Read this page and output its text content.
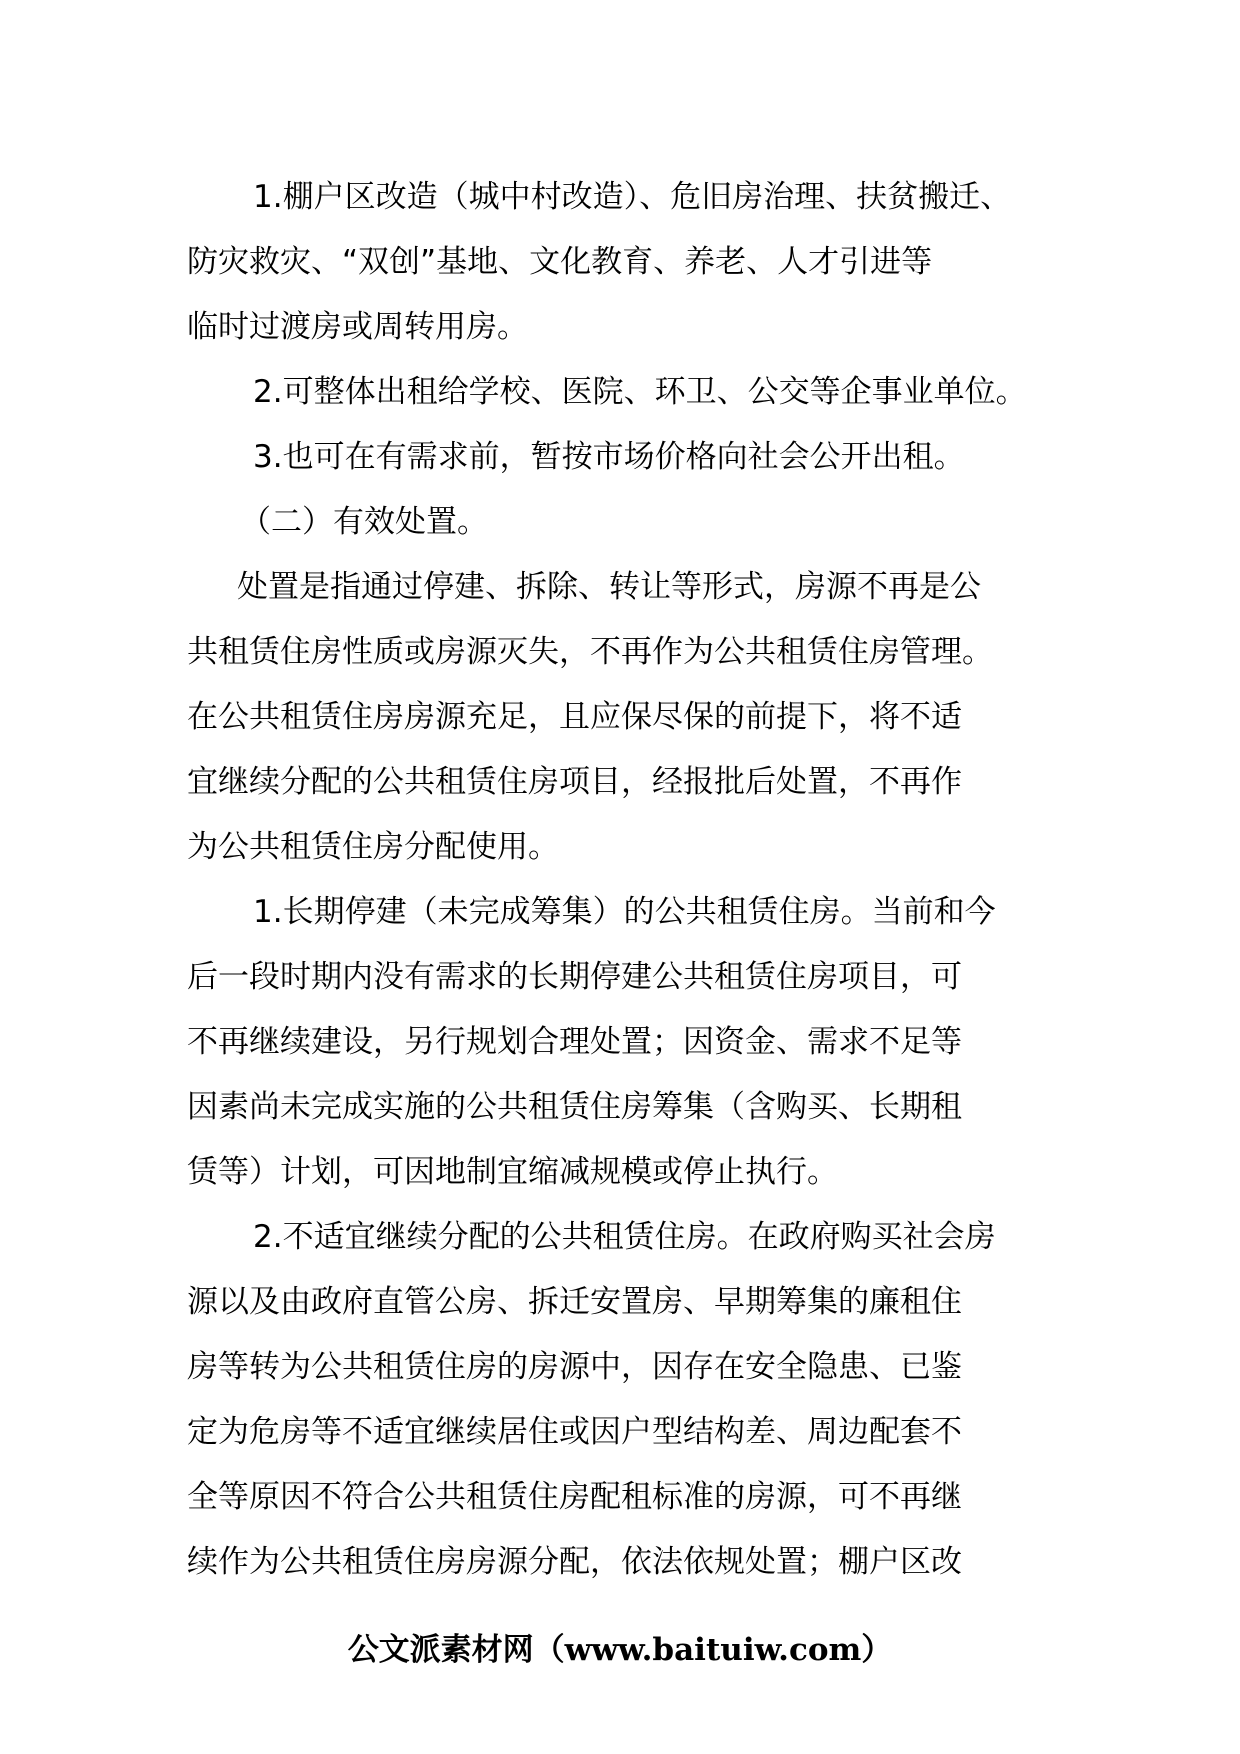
1.棚户区改造（城中村改造）、危旧房治理、扶贫搬迁、
防灾救灾、“双创”基地、文化教育、养老、人才引进等
临时过渡房或周转用房。
2.可整体出租给学校、医院、环卫、公交等企事业单位。
3.也可在有需求前，暂按市场价格向社会公开出租。
（二）有效处置。
处置是指通过停建、拆除、转让等形式，房源不再是公
共租赁住房性质或房源灭失，不再作为公共租赁住房管理。
在公共租赁住房房源充足，且应保尽保的前提下，将不适
宜继续分配的公共租赁住房项目，经报批后处置，不再作
为公共租赁住房分配使用。
1.长期停建（未完成筹集）的公共租赁住房。当前和今
后一段时期内没有需求的长期停建公共租赁住房项目，可
不再继续建设，另行规划合理处置；因资金、需求不足等
因素尚未完成实施的公共租赁住房筹集（含购买、长期租
赁等）计划，可因地制宜缩减规模或停止执行。
2.不适宜继续分配的公共租赁住房。在政府购买社会房
源以及由政府直管公房、拆迁安置房、早期筹集的廉租住
房等转为公共租赁住房的房源中，因存在安全隐患、已鉴
定为危房等不适宜继续居住或因户型结构差、周边配套不
全等原因不符合公共租赁住房配租标准的房源，可不再继
续作为公共租赁住房房源分配，依法依规处置；棚户区改
公文派素材网（www.baituiw.com）
